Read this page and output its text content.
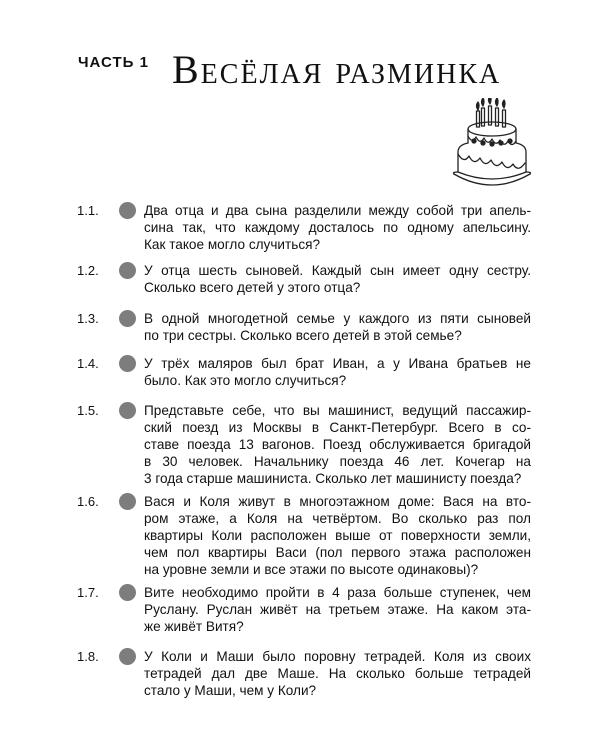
ЧАСТЬ 1 Весёлая разминка
1.1.	Два отца и два сына разделили между собой три апель-
сина так, что каждому досталось по одному апельсину.
Как такое могло случиться?
1.2.	У отца шесть сыновей. Каждый сын имеет одну сестру.
Сколько всего детей у этого отца?
1.3.	В одной многодетной семье у каждого из пяти сыновей
по три сестры. Сколько всего детей в этой семье?
1.4.	У трёх маляров был брат Иван, а у Ивана братьев не
было. Как это могло случиться?
1.5.	Представьте себе, что вы машинист, ведущий пассажир-
ский поезд из Москвы в Санкт-Петербург. Всего в со-
ставе поезда 13 вагонов. Поезд обслуживается бригадой
в 30 человек. Начальнику поезда 46 лет. Кочегар на
3 года старше машиниста. Сколько лет машинисту поезда?
1.6.	Вася и Коля живут в многоэтажном доме: Вася на вто-
ром этаже, а Коля на четвёртом. Во сколько раз пол
квартиры Коли расположен выше от поверхности земли,
чем пол квартиры Васи (пол первого этажа расположен
на уровне земли и все этажи по высоте одинаковы)?
1.7.	Вите необходимо пройти в 4 раза больше ступенек, чем
Руслану. Руслан живёт на третьем этаже. На каком эта-
же живёт Витя?
1.8.	У Коли и Маши было поровну тетрадей. Коля из своих
тетрадей дал две Маше. На сколько больше тетрадей
стало у Маши, чем у Коли?
